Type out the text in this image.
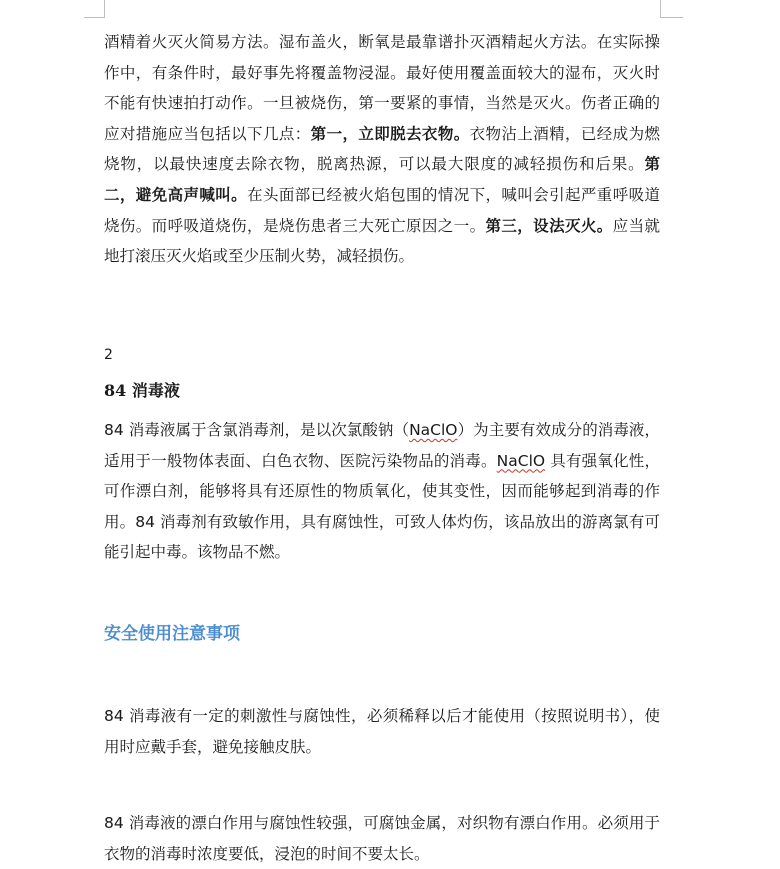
酒精着火灭火简易方法。湿布盖火，断氧是最靠谱扑灭酒精起火方法。在实际操作中，有条件时，最好事先将覆盖物浸湿。最好使用覆盖面较大的湿布，灭火时不能有快速拍打动作。一旦被烧伤，第一要紧的事情，当然是灭火。伤者正确的应对措施应当包括以下几点：第一，立即脱去衣物。衣物沾上酒精，已经成为燃烧物，以最快速度去除衣物，脱离热源，可以最大限度的减轻损伤和后果。第二，避免高声喊叫。在头面部已经被火焰包围的情况下，喊叫会引起严重呼吸道烧伤。而呼吸道烧伤，是烧伤患者三大死亡原因之一。第三，设法灭火。应当就地打滚压灭火焰或至少压制火势，减轻损伤。

2
84 消毒液

84 消毒液属于含氯消毒剂，是以次氯酸钠（NaClO）为主要有效成分的消毒液，适用于一般物体表面、白色衣物、医院污染物品的消毒。NaClO 具有强氧化性，可作漂白剂，能够将具有还原性的物质氧化，使其变性，因而能够起到消毒的作用。84 消毒剂有致敏作用，具有腐蚀性，可致人体灼伤，该品放出的游离氯有可能引起中毒。该物品不燃。

安全使用注意事项

84 消毒液有一定的刺激性与腐蚀性，必须稀释以后才能使用（按照说明书），使用时应戴手套，避免接触皮肤。

84 消毒液的漂白作用与腐蚀性较强，可腐蚀金属，对织物有漂白作用。必须用于衣物的消毒时浓度要低，浸泡的时间不要太长。
